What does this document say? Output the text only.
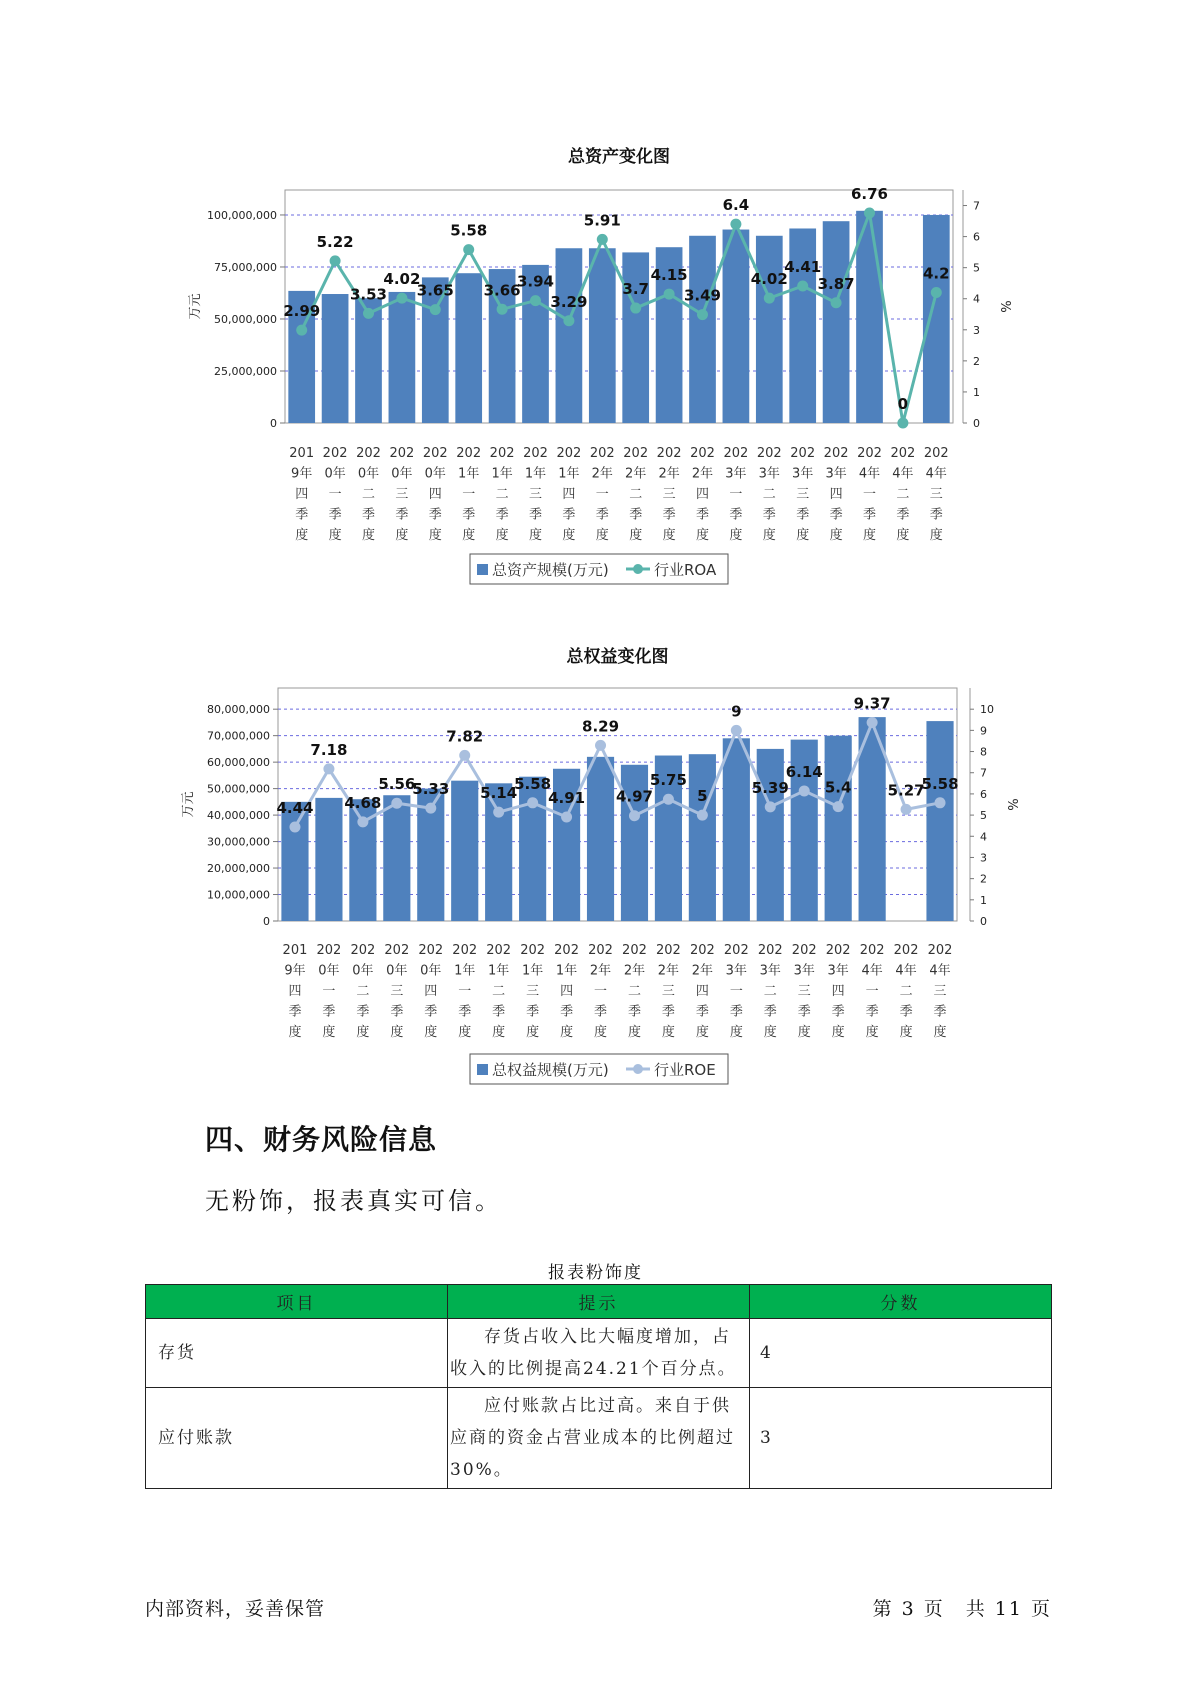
总资产变化图
0
25,000,000
50,000,000
75,000,000
100,000,000
0
1
2
3
4
5
6
7
万元	%
2.99
5.22
3.53
4.02
3.65
5.58
3.66
3.94
3.29
5.91
3.7
4.15
3.49
6.4
4.02
4.41
3.87
6.76
0
4.2
201 9年四季度
202 0年一季度
202 0年二季度
202 0年三季度
202 0年四季度
202 1年一季度
202 1年二季度
202 1年三季度
202 1年四季度
202 2年一季度
202 2年二季度
202 2年三季度
202 2年四季度
202 3年一季度
202 3年二季度
202 3年三季度
202 3年四季度
202 4年一季度
202 4年二季度
202 4年三季度
总资产规模(万元)	行业ROA
总权益变化图
0
10,000,000
20,000,000
30,000,000
40,000,000
50,000,000
60,000,000
70,000,000
80,000,000
0
1
2
3
4
5
6
7
8
9
10
万元	%
4.44
7.18
4.68
5.56
5.33
7.82
5.14
5.58
4.91
8.29
4.97
5.75
5
9
5.39
6.14
5.4
9.37
5.27
5.58
201 9年四季度
202 0年一季度
202 0年二季度
202 0年三季度
202 0年四季度
202 1年一季度
202 1年二季度
202 1年三季度
202 1年四季度
202 2年一季度
202 2年二季度
202 2年三季度
202 2年四季度
202 3年一季度
202 3年二季度
202 3年三季度
202 3年四季度
202 4年一季度
202 4年二季度
202 4年三季度
总权益规模(万元)	行业ROE
四、财务风险信息
无粉饰，报表真实可信。
报表粉饰度
项目	提示	分数
存货	存货占收入比大幅度增加，占收入的比例提高24.21个百分点。	4
应付账款	应付账款占比过高。来自于供应商的资金占营业成本的比例超过30%。	3
内部资料，妥善保管	第 3 页　共 11 页
